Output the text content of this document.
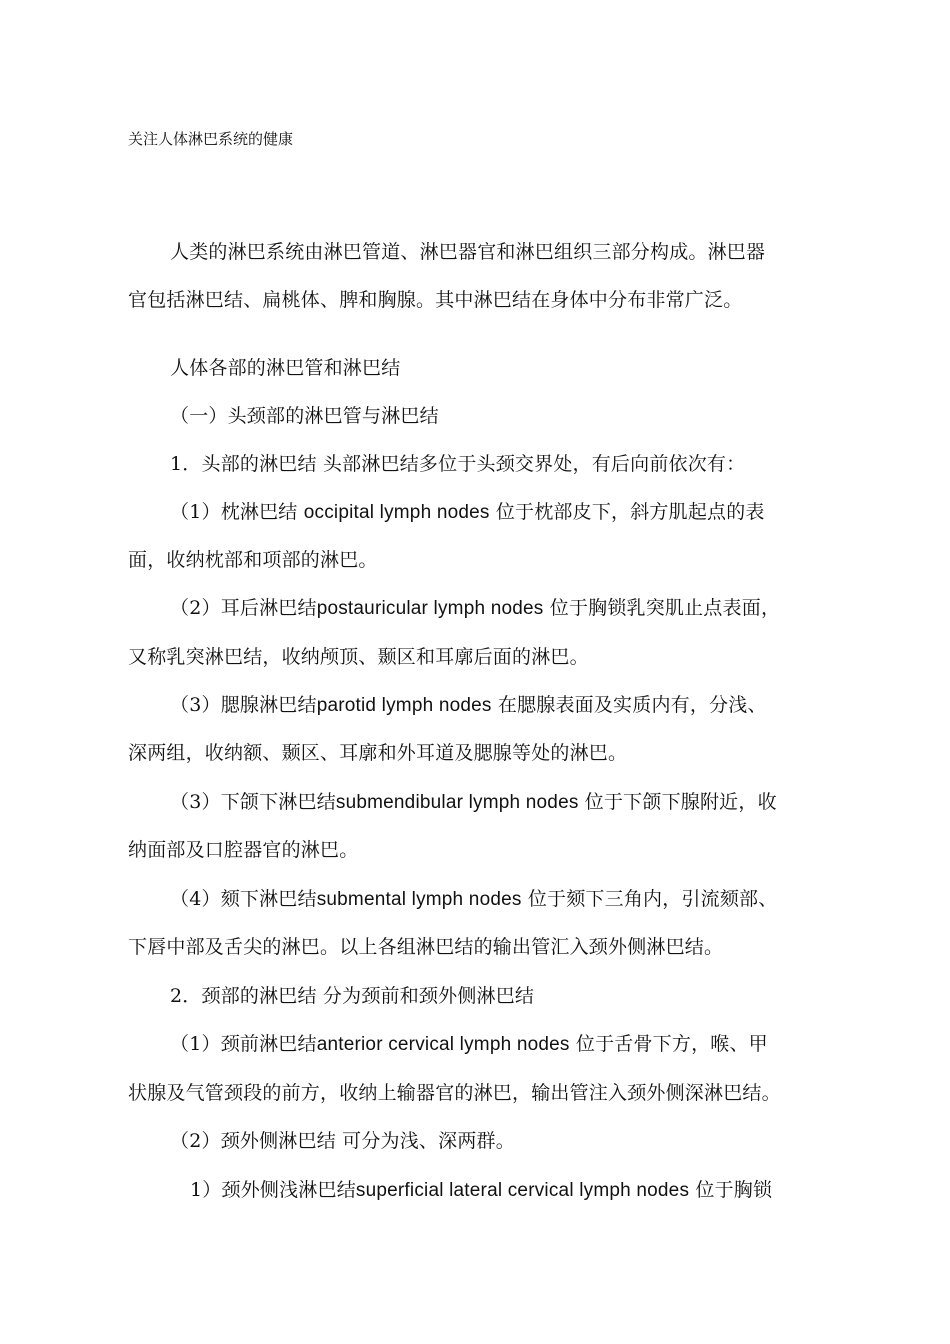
关注人体淋巴系统的健康
人类的淋巴系统由淋巴管道、淋巴器官和淋巴组织三部分构成。淋巴器
官包括淋巴结、扁桃体、脾和胸腺。其中淋巴结在身体中分布非常广泛。
人体各部的淋巴管和淋巴结
（一）头颈部的淋巴管与淋巴结
1．头部的淋巴结 头部淋巴结多位于头颈交界处，有后向前依次有：
（1）枕淋巴结 occipital lymph nodes 位于枕部皮下，斜方肌起点的表
面，收纳枕部和项部的淋巴。
（2）耳后淋巴结postauricular lymph nodes 位于胸锁乳突肌止点表面，
又称乳突淋巴结，收纳颅顶、颞区和耳廓后面的淋巴。
（3）腮腺淋巴结parotid lymph nodes 在腮腺表面及实质内有，分浅、
深两组，收纳额、颞区、耳廓和外耳道及腮腺等处的淋巴。
（3）下颌下淋巴结submendibular lymph nodes 位于下颌下腺附近，收
纳面部及口腔器官的淋巴。
（4）颏下淋巴结submental lymph nodes 位于颏下三角内，引流颏部、
下唇中部及舌尖的淋巴。以上各组淋巴结的输出管汇入颈外侧淋巴结。
2．颈部的淋巴结 分为颈前和颈外侧淋巴结
（1）颈前淋巴结anterior cervical lymph nodes 位于舌骨下方，喉、甲
状腺及气管颈段的前方，收纳上输器官的淋巴，输出管注入颈外侧深淋巴结。
（2）颈外侧淋巴结 可分为浅、深两群。
1）颈外侧浅淋巴结superficial lateral cervical lymph nodes 位于胸锁
